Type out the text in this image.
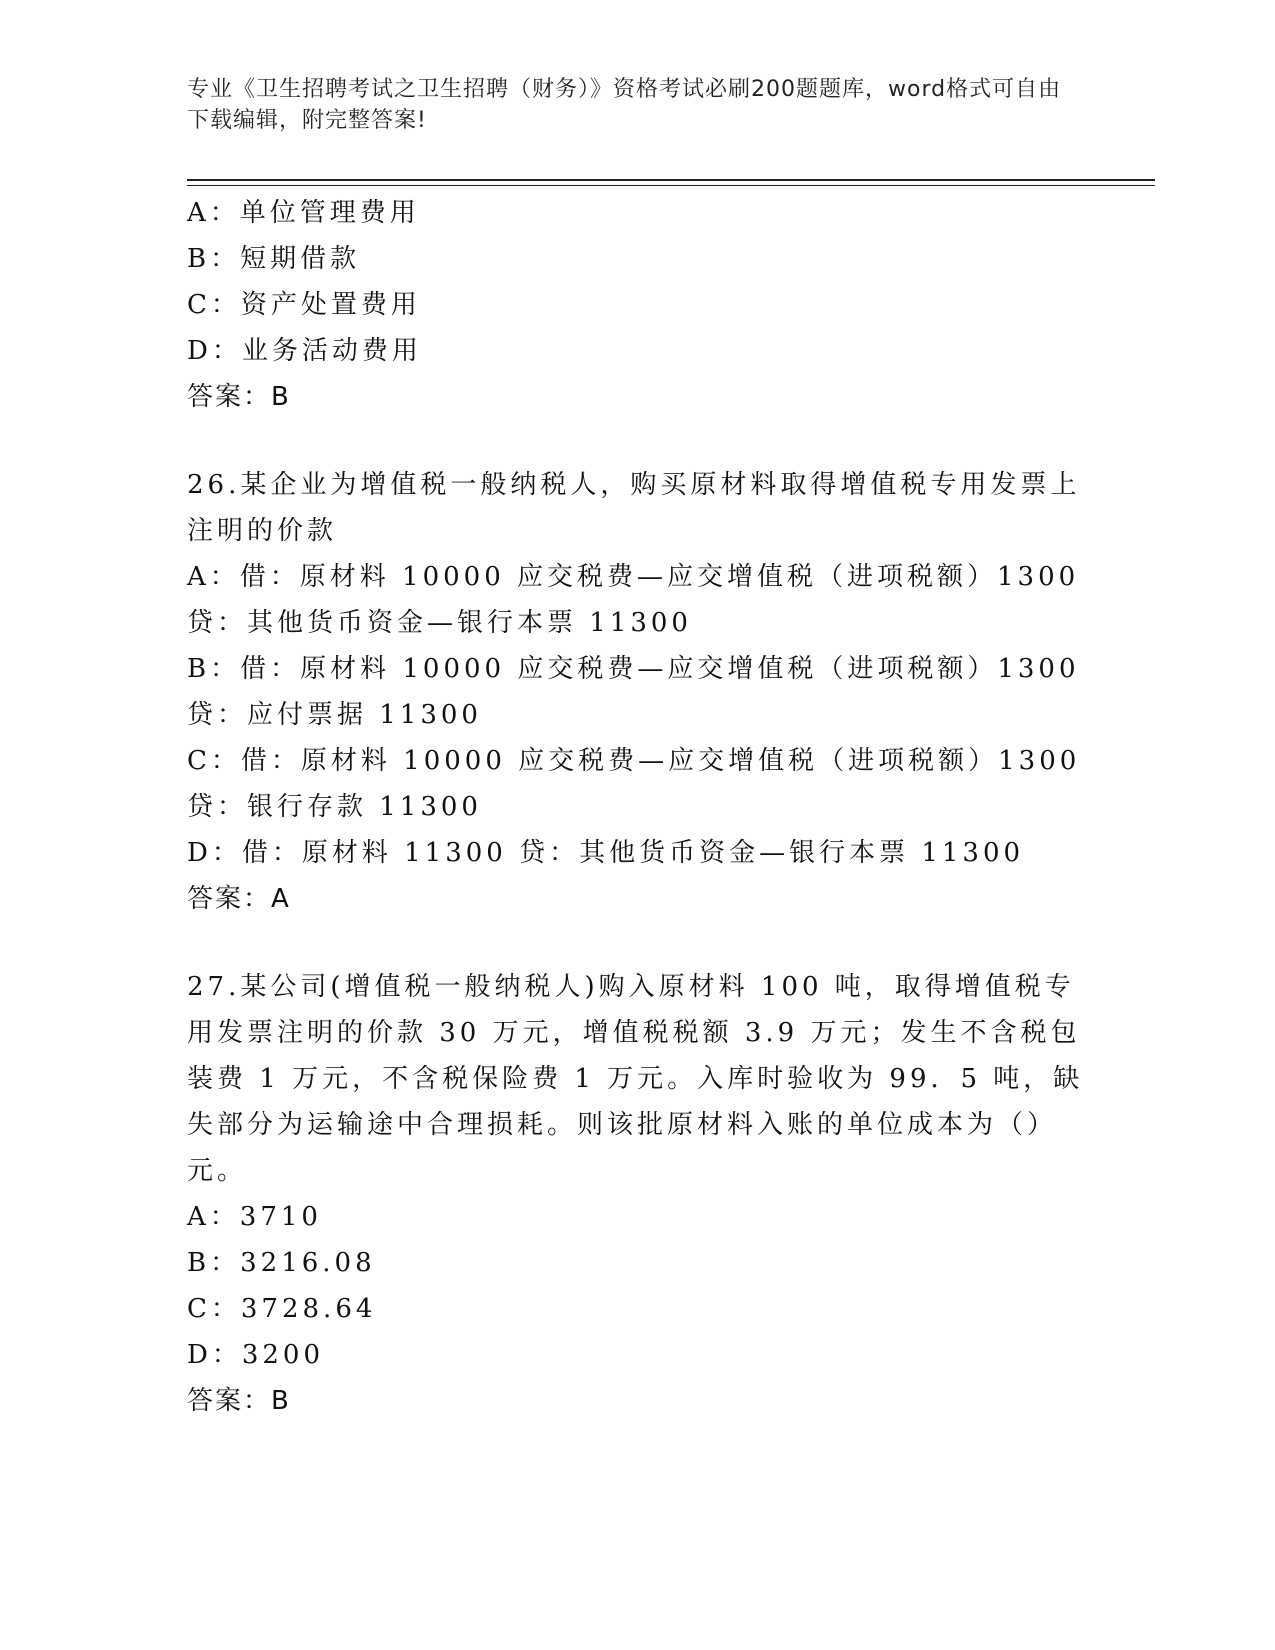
专业《卫生招聘考试之卫生招聘（财务）》资格考试必刷200题题库，word格式可自由下载编辑，附完整答案!

A：单位管理费用

B：短期借款

C：资产处置费用

D：业务活动费用

答案：B

26.某企业为增值税一般纳税人，购买原材料取得增值税专用发票上注明的价款

A：借：原材料 10000 应交税费—应交增值税（进项税额）1300 贷：其他货币资金—银行本票 11300

B：借：原材料 10000 应交税费—应交增值税（进项税额）1300 贷：应付票据 11300

C：借：原材料 10000 应交税费—应交增值税（进项税额）1300 贷：银行存款 11300

D：借：原材料 11300 贷：其他货币资金—银行本票 11300

答案：A

27.某公司(增值税一般纳税人)购入原材料 100 吨，取得增值税专用发票注明的价款 30 万元，增值税税额 3.9 万元；发生不含税包装费 1 万元，不含税保险费 1 万元。入库时验收为 99．5 吨，缺失部分为运输途中合理损耗。则该批原材料入账的单位成本为（）元。

A：3710

B：3216.08

C：3728.64

D：3200

答案：B
